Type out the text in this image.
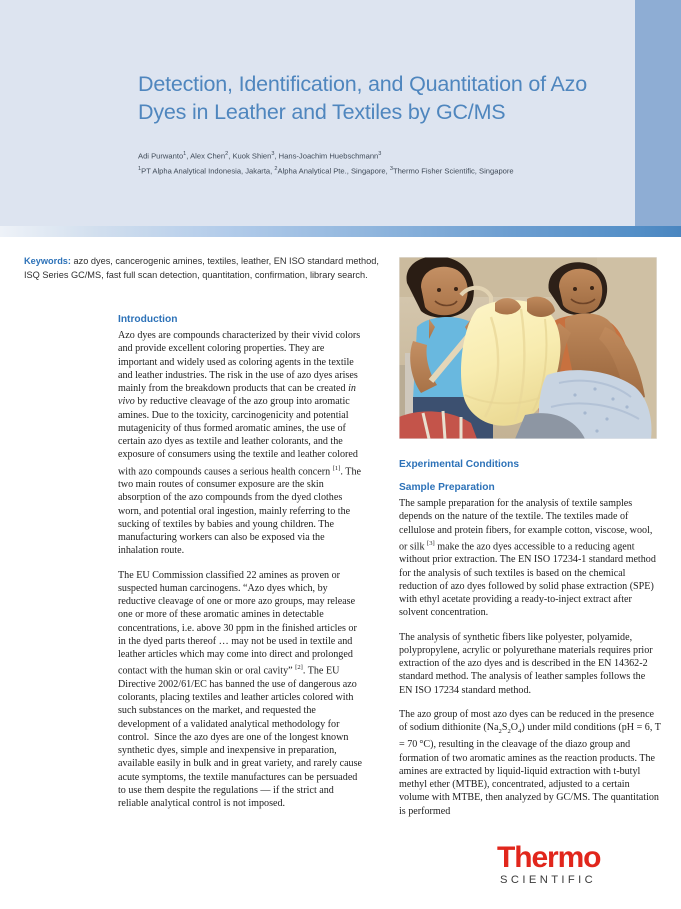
Detection, Identification, and Quantitation of Azo Dyes in Leather and Textiles by GC/MS
Adi Purwanto$^1$, Alex Chen$^2$, Kuok Shien$^3$, Hans-Joachim Huebschmann$^3$
$^1$PT Alpha Analytical Indonesia, Jakarta, $^2$Alpha Analytical Pte., Singapore, $^3$Thermo Fisher Scientific, Singapore
Keywords: azo dyes, cancerogenic amines, textiles, leather, EN ISO standard method, ISQ Series GC/MS, fast full scan detection, quantitation, confirmation, library search.
Introduction

Azo dyes are compounds characterized by their vivid colors and provide excellent coloring properties. They are important and widely used as coloring agents in the textile and leather industries. The risk in the use of azo dyes arises mainly from the breakdown products that can be created in vivo by reductive cleavage of the azo group into aromatic amines. Due to the toxicity, carcinogenicity and potential mutagenicity of thus formed aromatic amines, the use of certain azo dyes as textile and leather colorants, and the exposure of consumers using the textile and leather colored with azo compounds causes a serious health concern [1]. The two main routes of consumer exposure are the skin absorption of the azo compounds from the dyed clothes worn, and potential oral ingestion, mainly referring to the sucking of textiles by babies and young children. The manufacturing workers can also be exposed via the inhalation route.

The EU Commission classified 22 amines as proven or suspected human carcinogens. “Azo dyes which, by reductive cleavage of one or more azo groups, may release one or more of these aromatic amines in detectable concentrations, i.e. above 30 ppm in the finished articles or in the dyed parts thereof … may not be used in textile and leather articles which may come into direct and prolonged contact with the human skin or oral cavity” [2]. The EU Directive 2002/61/EC has banned the use of dangerous azo colorants, placing textiles and leather articles colored with such substances on the market, and requested the development of a validated analytical methodology for control.  Since the azo dyes are one of the longest known synthetic dyes, simple and inexpensive in preparation, available easily in bulk and in great variety, and rarely cause acute symptoms, the textile manufactures can be persuaded to use them despite the regulations — if the strict and reliable analytical control is not imposed.

Experimental Conditions
Sample Preparation

The sample preparation for the analysis of textile samples depends on the nature of the textile. The textiles made of cellulose and protein fibers, for example cotton, viscose, wool, or silk [3] make the azo dyes accessible to a reducing agent without prior extraction. The EN ISO 17234-1 standard method for the analysis of such textiles is based on the chemical reduction of azo dyes followed by solid phase extraction (SPE) with ethyl acetate providing a ready-to-inject extract after solvent concentration.

The analysis of synthetic fibers like polyester, polyamide, polypropylene, acrylic or polyurethane materials requires prior extraction of the azo dyes and is described in the EN 14362-2 standard method. The analysis of leather samples follows the EN ISO 17234 standard method.

The azo group of most azo dyes can be reduced in the presence of sodium dithionite $(Na_2S_2O_4)$ under mild conditions (pH = 6, T = 70 °C), resulting in the cleavage of the diazo group and formation of two aromatic amines as the reaction products. The amines are extracted by liquid-liquid extraction with t-butyl methyl ether (MTBE), concentrated, adjusted to a certain volume with MTBE, then analyzed by GC/MS. The quantitation is performed

Thermo
SCIENTIFIC
